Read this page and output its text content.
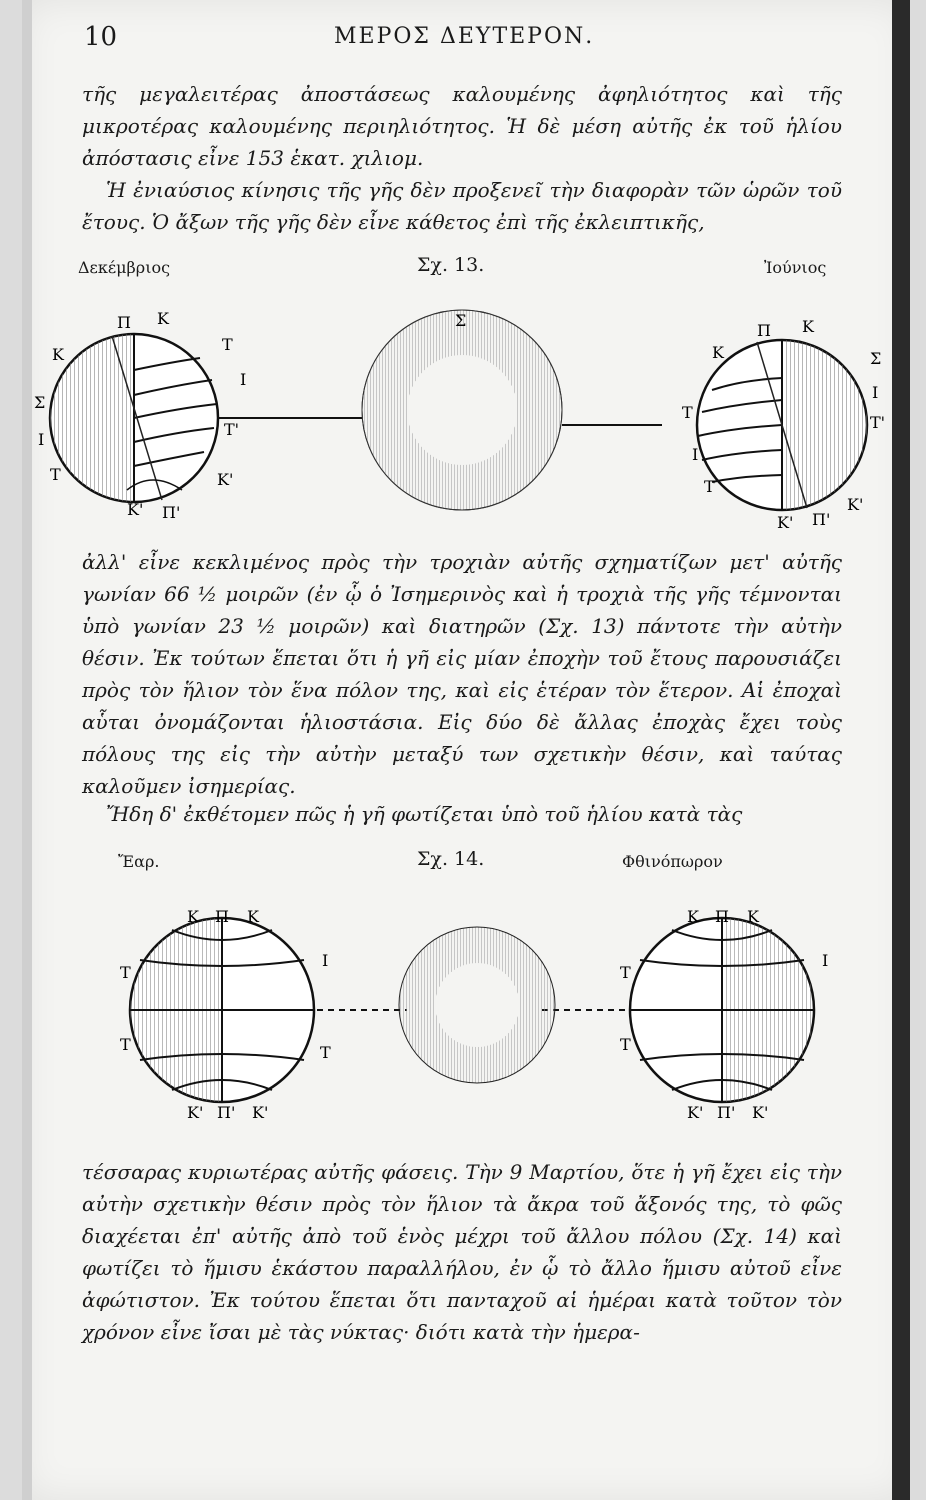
10	ΜΕΡΟΣ ΔΕΥΤΕΡΟΝ.

τῆς μεγαλειτέρας ἀποστάσεως καλουμένης ἀφηλιότητος καὶ τῆς μικροτέρας καλουμένης περιηλιότητος. Ἡ δὲ μέση αὐτῆς ἐκ τοῦ ἡλίου ἀπόστασις εἶνε 153 ἑκατ. χιλιομ.

Ἡ ἐνιαύσιος κίνησις τῆς γῆς δὲν προξενεῖ τὴν διαφορὰν τῶν ὡρῶν τοῦ ἔτους. Ὁ ἄξων τῆς γῆς δὲν εἶνε κάθετος ἐπὶ τῆς ἐκλειπτικῆς,

Δεκέμβριος	Σχ. 13.	Ἰούνιος
Π Κ
Κ
Τ
Ι
Σ
Ι
Τ
Τ'
Κ'
Κ' Π'
Σ
Π Κ
Κ	Σ
Ι
Τ
Ι
Τ
Τ'
Κ' Π'
Κ'

ἀλλ' εἶνε κεκλιμένος πρὸς τὴν τροχιὰν αὐτῆς σχηματίζων μετ' αὐτῆς γωνίαν 66 ½ μοιρῶν (ἐν ᾧ ὁ Ἰσημερινὸς καὶ ἡ τροχιὰ τῆς γῆς τέμνονται ὑπὸ γωνίαν 23 ½ μοιρῶν) καὶ διατηρῶν (Σχ. 13) πάντοτε τὴν αὐτὴν θέσιν. Ἐκ τούτων ἕπεται ὅτι ἡ γῆ εἰς μίαν ἐποχὴν τοῦ ἔτους παρουσιάζει πρὸς τὸν ἥλιον τὸν ἕνα πόλον της, καὶ εἰς ἑτέραν τὸν ἕτερον. Αἱ ἐποχαὶ αὗται ὀνομάζονται ἡλιοστάσια. Εἰς δύο δὲ ἄλλας ἐποχὰς ἔχει τοὺς πόλους της εἰς τὴν αὐτὴν μεταξύ των σχετικὴν θέσιν, καὶ ταύτας καλοῦμεν ἰσημερίας.

Ἤδη δ' ἐκθέτομεν πῶς ἡ γῆ φωτίζεται ὑπὸ τοῦ ἡλίου κατὰ τὰς

Ἔαρ.	Σχ. 14.	Φθινόπωρον
Κ Π Κ
Τ
Ι
Τ	Τ
Κ' Π' Κ'
Κ Π Κ
Τ
Ι
Τ
Κ' Π' Κ'

τέσσαρας κυριωτέρας αὐτῆς φάσεις. Τὴν 9 Μαρτίου, ὅτε ἡ γῆ ἔχει εἰς τὴν αὐτὴν σχετικὴν θέσιν πρὸς τὸν ἥλιον τὰ ἄκρα τοῦ ἄξονός της, τὸ φῶς διαχέεται ἐπ' αὐτῆς ἀπὸ τοῦ ἑνὸς μέχρι τοῦ ἄλλου πόλου (Σχ. 14) καὶ φωτίζει τὸ ἥμισυ ἑκάστου παραλλήλου, ἐν ᾧ τὸ ἄλλο ἥμισυ αὐτοῦ εἶνε ἀφώτιστον. Ἐκ τούτου ἕπεται ὅτι πανταχοῦ αἱ ἡμέραι κατὰ τοῦτον τὸν χρόνον εἶνε ἴσαι μὲ τὰς νύκτας· διότι κατὰ τὴν ἡμερα-
